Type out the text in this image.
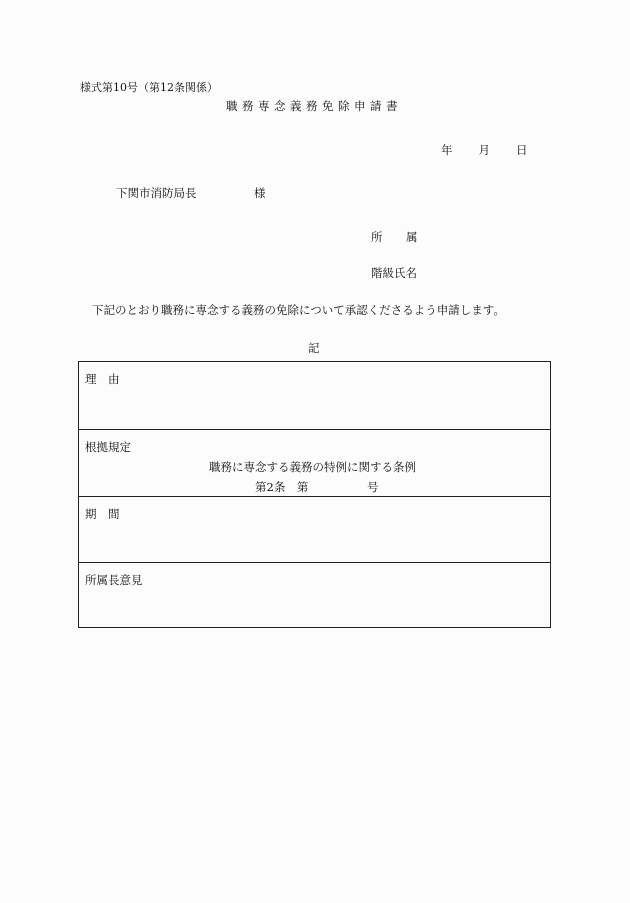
様式第10号（第12条関係）
職務専念義務免除申請書
年 月 日
下関市消防局長	様
所 属
階級氏名
下記のとおり職務に専念する義務の免除について承認くださるよう申請します。
記
理　由
根拠規定
職務に専念する義務の特例に関する条例
第2条　第	号
期　間
所属長意見
